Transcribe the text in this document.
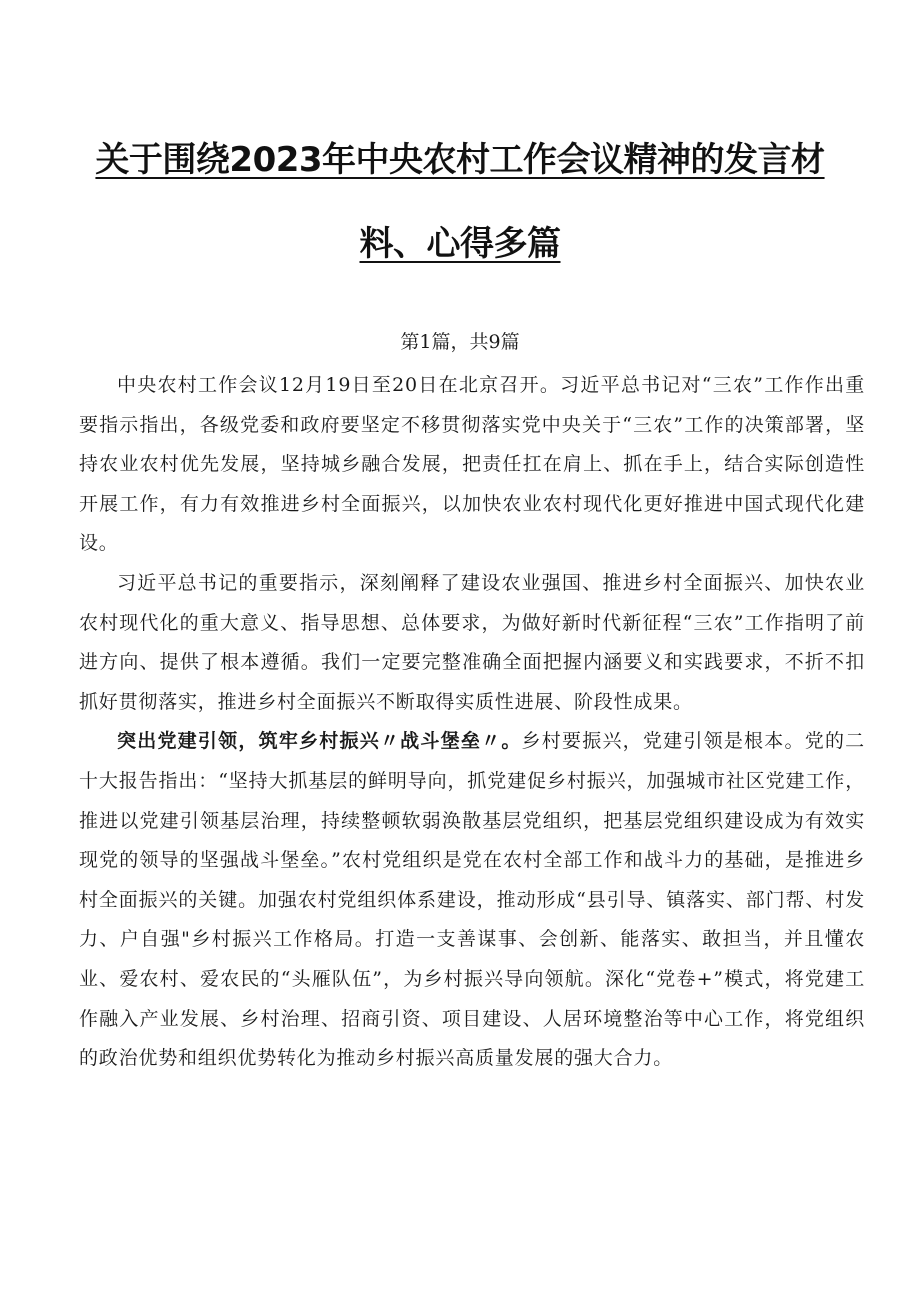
关于围绕2023年中央农村工作会议精神的发言材
料、心得多篇

第1篇，共9篇

中央农村工作会议12月19日至20日在北京召开。习近平总书记对“三农”工作作出重要指示指出，各级党委和政府要坚定不移贯彻落实党中央关于“三农”工作的决策部署，坚持农业农村优先发展，坚持城乡融合发展，把责任扛在肩上、抓在手上，结合实际创造性开展工作，有力有效推进乡村全面振兴，以加快农业农村现代化更好推进中国式现代化建设。

习近平总书记的重要指示，深刻阐释了建设农业强国、推进乡村全面振兴、加快农业农村现代化的重大意义、指导思想、总体要求，为做好新时代新征程“三农”工作指明了前进方向、提供了根本遵循。我们一定要完整准确全面把握内涵要义和实践要求，不折不扣抓好贯彻落实，推进乡村全面振兴不断取得实质性进展、阶段性成果。

突出党建引领，筑牢乡村振兴〃战斗堡垒〃。乡村要振兴，党建引领是根本。党的二十大报告指出：“坚持大抓基层的鲜明导向，抓党建促乡村振兴，加强城市社区党建工作，推进以党建引领基层治理，持续整顿软弱涣散基层党组织，把基层党组织建设成为有效实现党的领导的坚强战斗堡垒。”农村党组织是党在农村全部工作和战斗力的基础，是推进乡村全面振兴的关键。加强农村党组织体系建设，推动形成“县引导、镇落实、部门帮、村发力、户自强"乡村振兴工作格局。打造一支善谋事、会创新、能落实、敢担当，并且懂农业、爱农村、爱农民的“头雁队伍”，为乡村振兴导向领航。深化“党卷+”模式，将党建工作融入产业发展、乡村治理、招商引资、项目建设、人居环境整治等中心工作，将党组织的政治优势和组织优势转化为推动乡村振兴高质量发展的强大合力。
